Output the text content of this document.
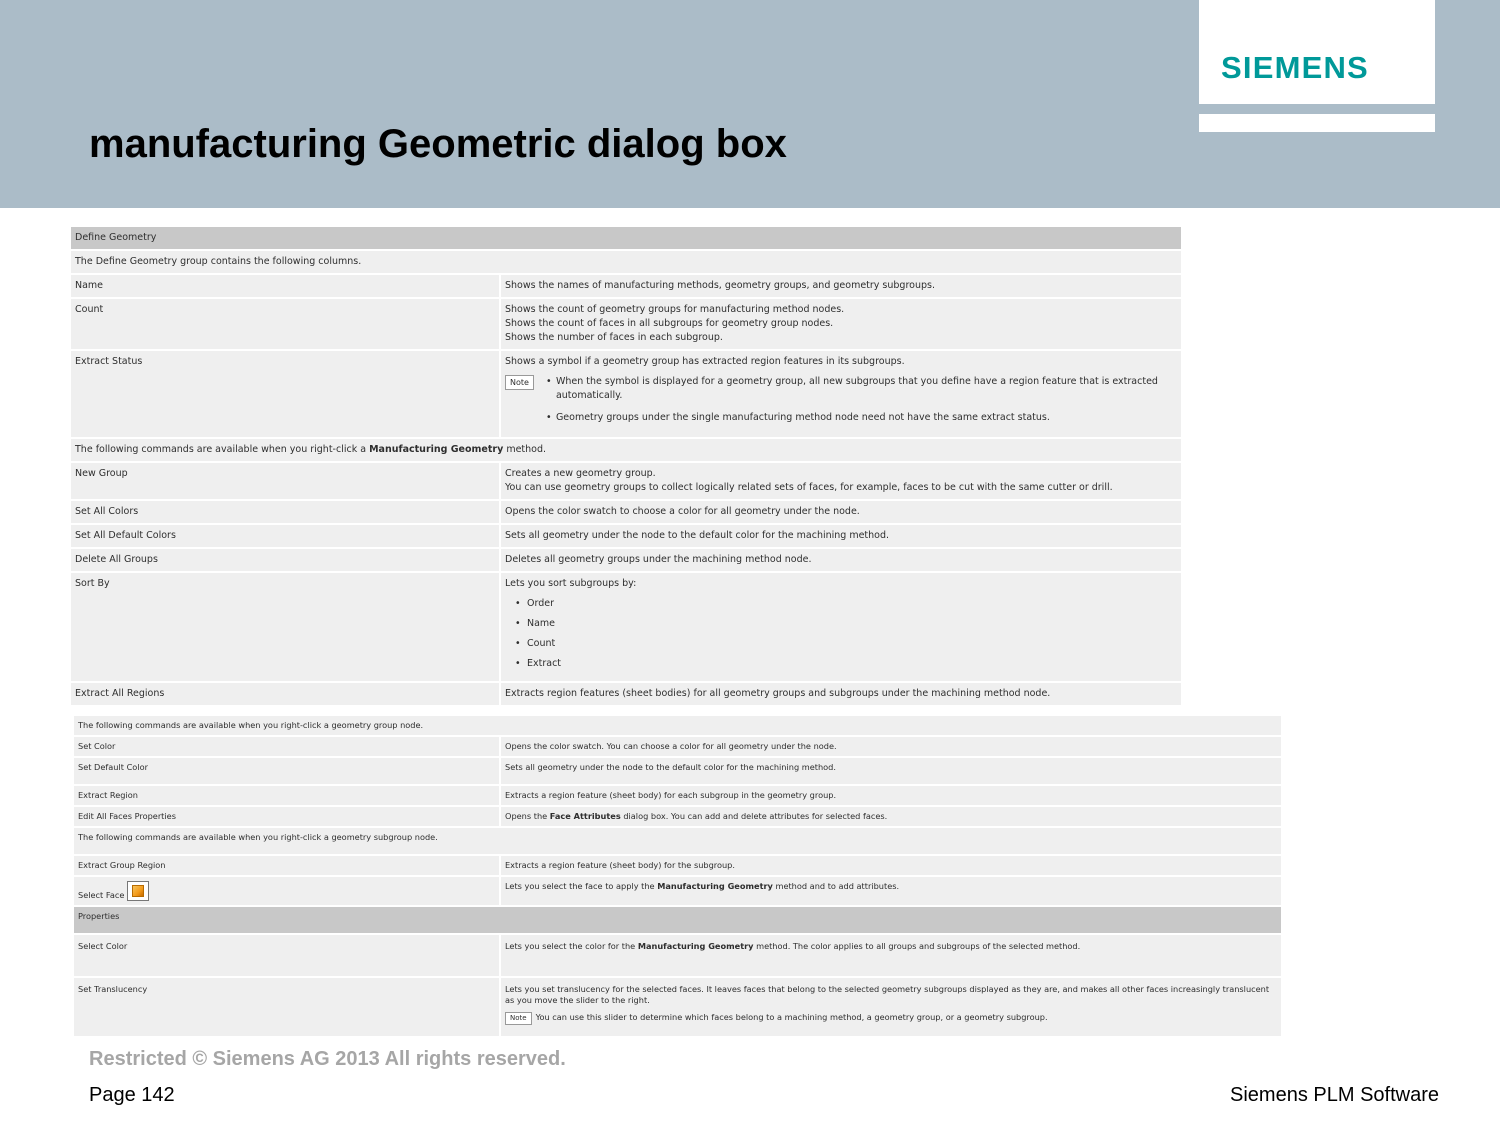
SIEMENS
manufacturing Geometric dialog box
Define Geometry
The Define Geometry group contains the following columns.
Name	Shows the names of manufacturing methods, geometry groups, and geometry subgroups.

Count	Shows the count of geometry groups for manufacturing method nodes.

Shows the count of faces in all subgroups for geometry group nodes.

Shows the number of faces in each subgroup.

Extract Status	Shows a symbol if a geometry group has extracted region features in its subgroups.

Note
•	When the symbol is displayed for a geometry group, all new subgroups that you define have a region feature that is extracted automatically.
• Geometry groups under the single manufacturing method node need not have the same extract status.
The following commands are available when you right-click a Manufacturing Geometry method.
New Group	Creates a new geometry group.

You can use geometry groups to collect logically related sets of faces, for example, faces to be cut with the same cutter or drill.

Set All Colors	Opens the color swatch to choose a color for all geometry under the node.

Set All Default Colors	Sets all geometry under the node to the default color for the machining method.

Delete All Groups	Deletes all geometry groups under the machining method node.

Sort By	Lets you sort subgroups by:

• Order
• Name
• Count
• Extract
Extract All Regions	Extracts region features (sheet bodies) for all geometry groups and subgroups under the machining method node.

The following commands are available when you right-click a geometry group node.
Set Color	Opens the color swatch. You can choose a color for all geometry under the node.
Set Default Color	Sets all geometry under the node to the default color for the machining method.
Extract Region	Extracts a region feature (sheet body) for each subgroup in the geometry group.
Edit All Faces Properties	Opens the Face Attributes dialog box. You can add and delete attributes for selected faces.
The following commands are available when you right-click a geometry subgroup node.
Extract Group Region	Extracts a region feature (sheet body) for the subgroup.
Select Face
Lets you select the face to apply the Manufacturing Geometry method and to add attributes.
Properties
Select Color	Lets you select the color for the Manufacturing Geometry method. The color applies to all groups and subgroups of the selected method.
Set Translucency	Lets you set translucency for the selected faces. It leaves faces that belong to the selected geometry subgroups displayed as they are, and makes all other faces increasingly translucent as you move the slider to the right.

Note	You can use this slider to determine which faces belong to a machining method, a geometry group, or a geometry subgroup.
Restricted © Siemens AG 2013 All rights reserved.
Page 142	Siemens PLM Software
